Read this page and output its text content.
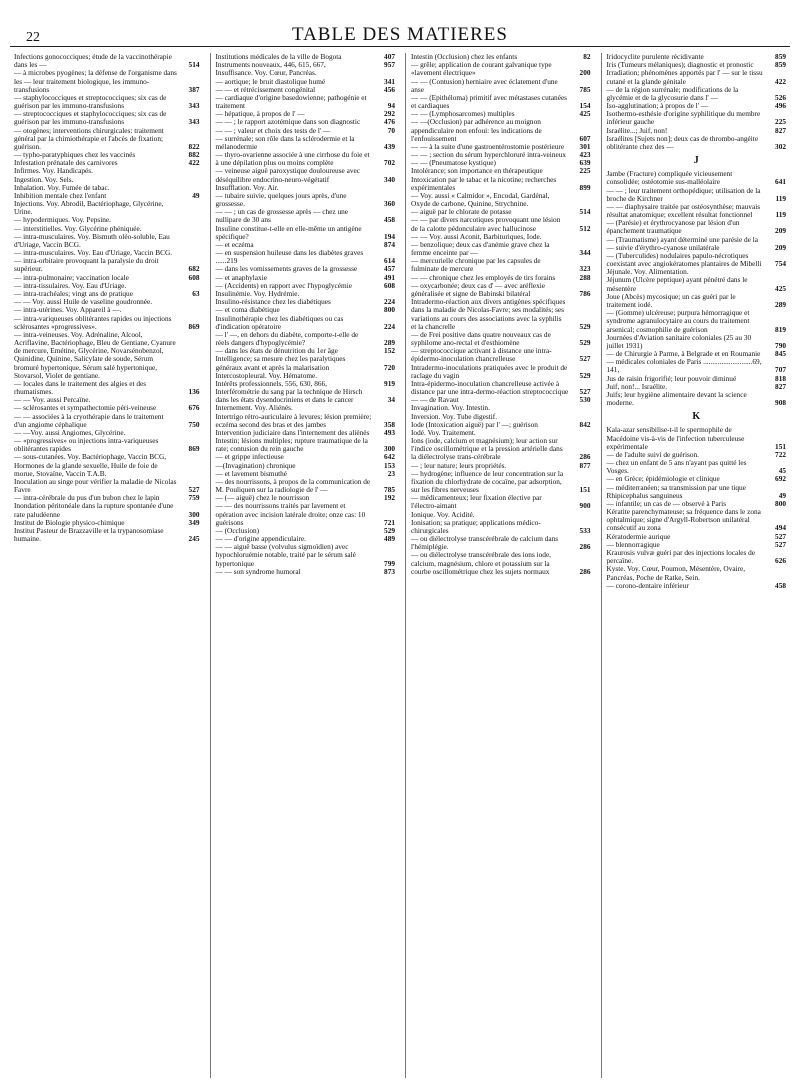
22	TABLE DES MATIERES
Infections gonococciques; étude de la vaccinothérapie dans les —	514
— à microbes pyogènes; la défense de l'organisme dans les — leur traitement biologique, les immuno-transfusions	387
— staphylococciques et streptococciques; six cas de guérison par les immuno-transfusions	343
— streptococciques et staphylococciques; six cas de guérison par les immuno-transfusions	343
— otogènes; interventions chirurgicales: traitement général par la chimiothérapie et l'abcès de fixation; guérison.	822
— typho-paratyphiques chez les vaccinés	882
Infestation prénatale des carnivores	422
Infirmes. Voy. Handicapés.
Ingestion. Voy. Sels.
Inhalation. Voy. Fumée de tabac.
Inhibition mentale chez l'enfant	49
Injections. Voy. Abrodil, Bactériophage, Glycérine, Urine.
— hypodermiques. Voy. Pepsine.
— interstitielles. Voy. Glycérine phéniquée.
— intra-musculaires. Voy. Bismuth oléo-soluble, Eau d'Uriage, Vaccin BCG.
— intra-musculaires. Voy. Eau d'Uriage, Vaccin BCG.
— intra-orbitaire provoquant la paralysie du droit supérieur.	682
— intra-pulmonaire; vaccination locale	608
— intra-tissulaires. Voy. Eau d'Uriage.
— intra-trachéales; vingt ans de pratique	63
— — Voy. aussi Huile de vaseline goudronnée.
— intra-utérines. Voy. Appareil à —.
— intra-variqueuses oblitérantes rapides ou injections sclérosantes «progressives».	869
— intra-veineuses. Voy. Adrénaline, Alcool, Acriflavine, Bactériophage, Bleu de Gentiane, Cyanure de mercure, Emétine, Glycérine, Novarsénobenzol, Quinidine, Quinine, Salicylate de soude, Sérum bromuré hypertonique, Sérum salé hypertonique, Stovarsol, Violet de gentiane.
— locales dans le traitement des algies et des rhumatismes.	136
— — Voy. aussi Percaïne.
— sclérosantes et sympathectomie péri-veineuse	676
— — associées à la cryothérapie dans le traitement d'un angiome céphalique	750
— —Voy. aussi Angiomes, Glycérine.
— «progressives» ou injections intra-variqueuses oblitérantes rapides	869
— sous-cutanées. Voy. Bactériophage, Vaccin BCG, Hormones de la glande sexuelle, Huile de foie de morue, Stovaïne, Vaccin T.A.B.
Inoculation au singe pour vérifier la maladie de Nicolas Favre	527
— intra-cérébrale du pus d'un bubon chez le lapin	759
Inondation péritonéale dans la rupture spontanée d'une rate paludéenne	300
Institut de Biologie physico-chimique	349
Institut Pasteur de Brazzaville et la trypanosomiase humaine.	245
Institutions médicales de la ville de Bogota	407
Instruments nouveaux, 446, 615, 667,	957
Insuffisance. Voy. Cœur, Pancréas.
— aortique; le bruit diastolique humé	341
— — et rétrécissement congénital	456
— cardiaque d'origine basedowienne; pathogénie et traitement	94
— hépatique, à propos de l' —	292
— — ; le rapport azotémique dans son diagnostic	476
— — ; valeur et choix des tests de l' —	70
— surrénale; son rôle dans la sclérodermie et la mélanodermie	439
— thyro-ovarienne associée à une cirrhose du foie et à une dépilation plus ou moins complète	702
— veineuse aiguë paroxystique douloureuse avec déséquilibre endocrino-neuro-végétatif	340
Insufflation. Voy. Air.
— tubaire suivie, quelques jours après, d'une grossesse.	360
— — ; un cas de grossesse après — chez une nullipare de 30 ans	458
Insuline constitue-t-elle en elle-même un antigène spécifique?	194
— et eczéma	874
— en suspension huileuse dans les diabètes graves ......219	614
— dans les vomissements graves de la grossesse	457
— et anaphylaxie	491
— (Accidents) en rapport avec l'hypoglycémie	608
Insulinémie. Voy. Hydrémie.
Insulino-résistance chez les diabétiques	224
— et coma diabétique	800
Insulinothérapie chez les diabétiques ou cas d'indication opératoire	224
— l' —, en dehors du diabète, comporte-t-elle de réels dangers d'hypoglycémie?	289
— dans les états de dénutrition du 1er âge	152
Intelligence; sa mesure chez les paralytiques généraux avant et après la malarisation	720
Intercostopleural. Voy. Hématome.
Intérêts professionnels, 556, 630, 866,	919
Interférométrie du sang par la technique de Hirsch dans les états dysendocriniens et dans le cancer	34
Internement. Voy. Aliénés.
Intertrigo rétro-auriculaire à levures; lésion première; eczéma second des bras et des jambes	358
Intervention judiciaire dans l'internement des aliénés	493
Intestin; lésions multiples; rupture traumatique de la rate; contusion du rein gauche	300
— et grippe infectieuse	642
—(Invagination) chronique	153
— et lavement bismuthé	23
— des nourrissons, à propos de la communication de M. Pouliquen sur la radiologie de l' —	785
— (— aiguë) chez le nourrisson	192
— — des nourrissons traités par lavement et opération avec incision latérale droite; onze cas: 10 guérisons	721
— (Occlusion)	529
— — d'origine appendiculaire.	489
— — aiguë basse (volvulus sigmoïdien) avec hypochloruémie notable, traité par le sérum salé hypertonique	799
— — son syndrome humoral	873
Intestin (Occlusion) chez les enfants	82
— grêle; application de courant galvanique type «lavement électrique»	200
— — (Contusion) herniaire avec éclatement d'une anse	785
— — (Epithéloma) primitif avec métastases cutanées et cardiaques	154
— — (Lymphosarcomes) multiples	425
— —(Occlusion) par adhérence au moignon appendiculaire non enfoui: les indications de l'enfouissement	607
— — à la suite d'une gastroentérostomie postérieure	301
— — ; section du sérum hyperchloruré intra-veineux	423
— — (Pneumatose kystique)	639
Intolérance; son importance en thérapeutique	225
Intoxication par le tabac et la nicotine; recherches expérimentales	899
— Voy. aussi « Calmidor », Encodal, Gardénal, Oxyde de carbone, Quinine, Strychnine.
— aiguë par le chlorate de potasse	514
— — par divers narcotiques provoquant une lésion de la calotte pédonculaire avec hallucinose	512
— — Voy. aussi Aconit, Barbituriques, Iode.
— benzolique; deux cas d'anémie grave chez la femme enceinte par —	344
— mercurielle chronique par les capsules de fulminate de mercure	323
— — chronique chez les employés de tirs forains	288
— oxycarbonée; deux cas d' — avec aréflexie généralisée et signe de Babinski bilatéral	786
Intradermo-réaction aux divers antigènes spécifiques dans la maladie de Nicolas-Favre; ses modalités; ses variations au cours des associations avec la syphilis et la chancrelle	529
— de Frei positive dans quatre nouveaux cas de syphilome ano-rectal et d'esthiomène	529
— streptococcique activant à distance une intra-épidermo-inoculation chancrelleuse	527
Intradermo-inoculations pratiquées avec le produit de raclage du vagin	529
Intra-épidermo-inoculation chancrelleuse activée à distance par une intra-dermo-réaction streptococcique	527
— — de Ravaut	530
Invagination. Voy. Intestin.
Inversion. Voy. Tube digestif.
Iode (Intoxication aiguë) par l' —; guérison	842
Iodé. Voy. Traitement.
Ions (iode, calcium et magnésium); leur action sur l'indice oscillométrique et la pression artérielle dans la diélectrolyse trans-cérébrale	286
— ; leur nature; leurs propriétés.	877
— hydrogène; influence de leur concentration sur la fixation du chlorhydrate de cocaïne, par adsorption, sur les fibres nerveuses	151
— médicamenteux; leur fixation élective par l'électro-aimant	900
Ionique. Voy. Acidité.
Ionisation; sa pratique; applications médico-chirurgicales	533
— ou diélectrolyse transcérébrale de calcium dans l'hémiplégie.	286
— ou diélectrolyse transcérébrale des ions iode, calcium, magnésium, chlore et potassium sur la courbe oscillométrique chez les sujets normaux	286
Iridocyclite purulente récidivante	859
Iris (Tumeurs mélaniques); diagnostic et pronostic	859
Irradiation; phénomènes apportés par l' — sur le tissu cutané et la glande génitale	422
— de la région surrénale; modifications de la glycémie et de la glycosurie dans l' —	526
Iso-agglutination; à propos de l' —	496
Isothermo-esthésie d'origine syphilitique du membre inférieur gauche	225
Israélite...; Juif, non!	827
Israélites [Sujets non]; deux cas de thrombo-angéite oblitérante chez des —	302
J
Jambe (Fracture) compliquée vicieusement consolidée; ostéotomie sus-malléolaire	641
— — ; leur traitement orthopédique; utilisation de la broche de Kirchner	119
— — diaphysaire traitée par ostéosynthèse; mauvais résultat anatomique; excellent résultat fonctionnel	119
— (Parésie) et érythrocyanose par lésion d'un épanchement traumatique	209
— (Traumatisme) ayant déterminé une parésie de la — suivie d'érythro-cyanose unilatérale	209
— (Tuberculides) nodulaires papulo-nécrotiques coexistant avec angiokératomes plantaires de Mibelli	754
Jéjunale. Voy. Alimentation.
Jéjunum (Ulcère peptique) ayant pénétré dans le mésentère	425
Joue (Abcès) mycosique; un cas guéri par le traitement iodé.	289
— (Gomme) ulcéreuse; purpura hémorragique et syndrome agranulocytaire au cours du traitement arsenical; cosmophilie de guérison	819
Journées d'Aviation sanitaire coloniales (25 au 30 juillet 1931)	790
— de Chirurgie à Parme, à Belgrade et en Roumanie	845
— médicales coloniales de Paris ...........................69, 141,	707
Jus de raisin frigorifié; leur pouvoir diminué	818
Juif, non!... Israélite.	827
Juifs; leur hygiène alimentaire devant la science moderne.	908
K
Kala-azar sensibilise-t-il le spermophile de Macédoine vis-à-vis de l'infection tuberculeuse expérimentale	151
— de l'adulte suivi de guérison.	722
— chez un enfant de 5 ans n'ayant pas quitté les Vosges.	45
— en Grèce; épidémiologie et clinique	692
— méditerranéen; sa transmission par une tique Rhipicephalus sanguineus	49
— infantile; un cas de — observé à Paris	800
Kératite parenchymateuse; sa fréquence dans le zona ophtalmique; signe d'Argyll-Robertson unilatéral consécutif au zona	494
Kératodermie aurique	527
— blennorragique	527
Kraurosis vulvæ guéri par des injections locales de percaïne.	626
Kyste. Voy. Cœur, Poumon, Mésentère, Ovaire, Pancréas, Poche de Ratke, Sein.
— corono-dentaire inférieur	458
